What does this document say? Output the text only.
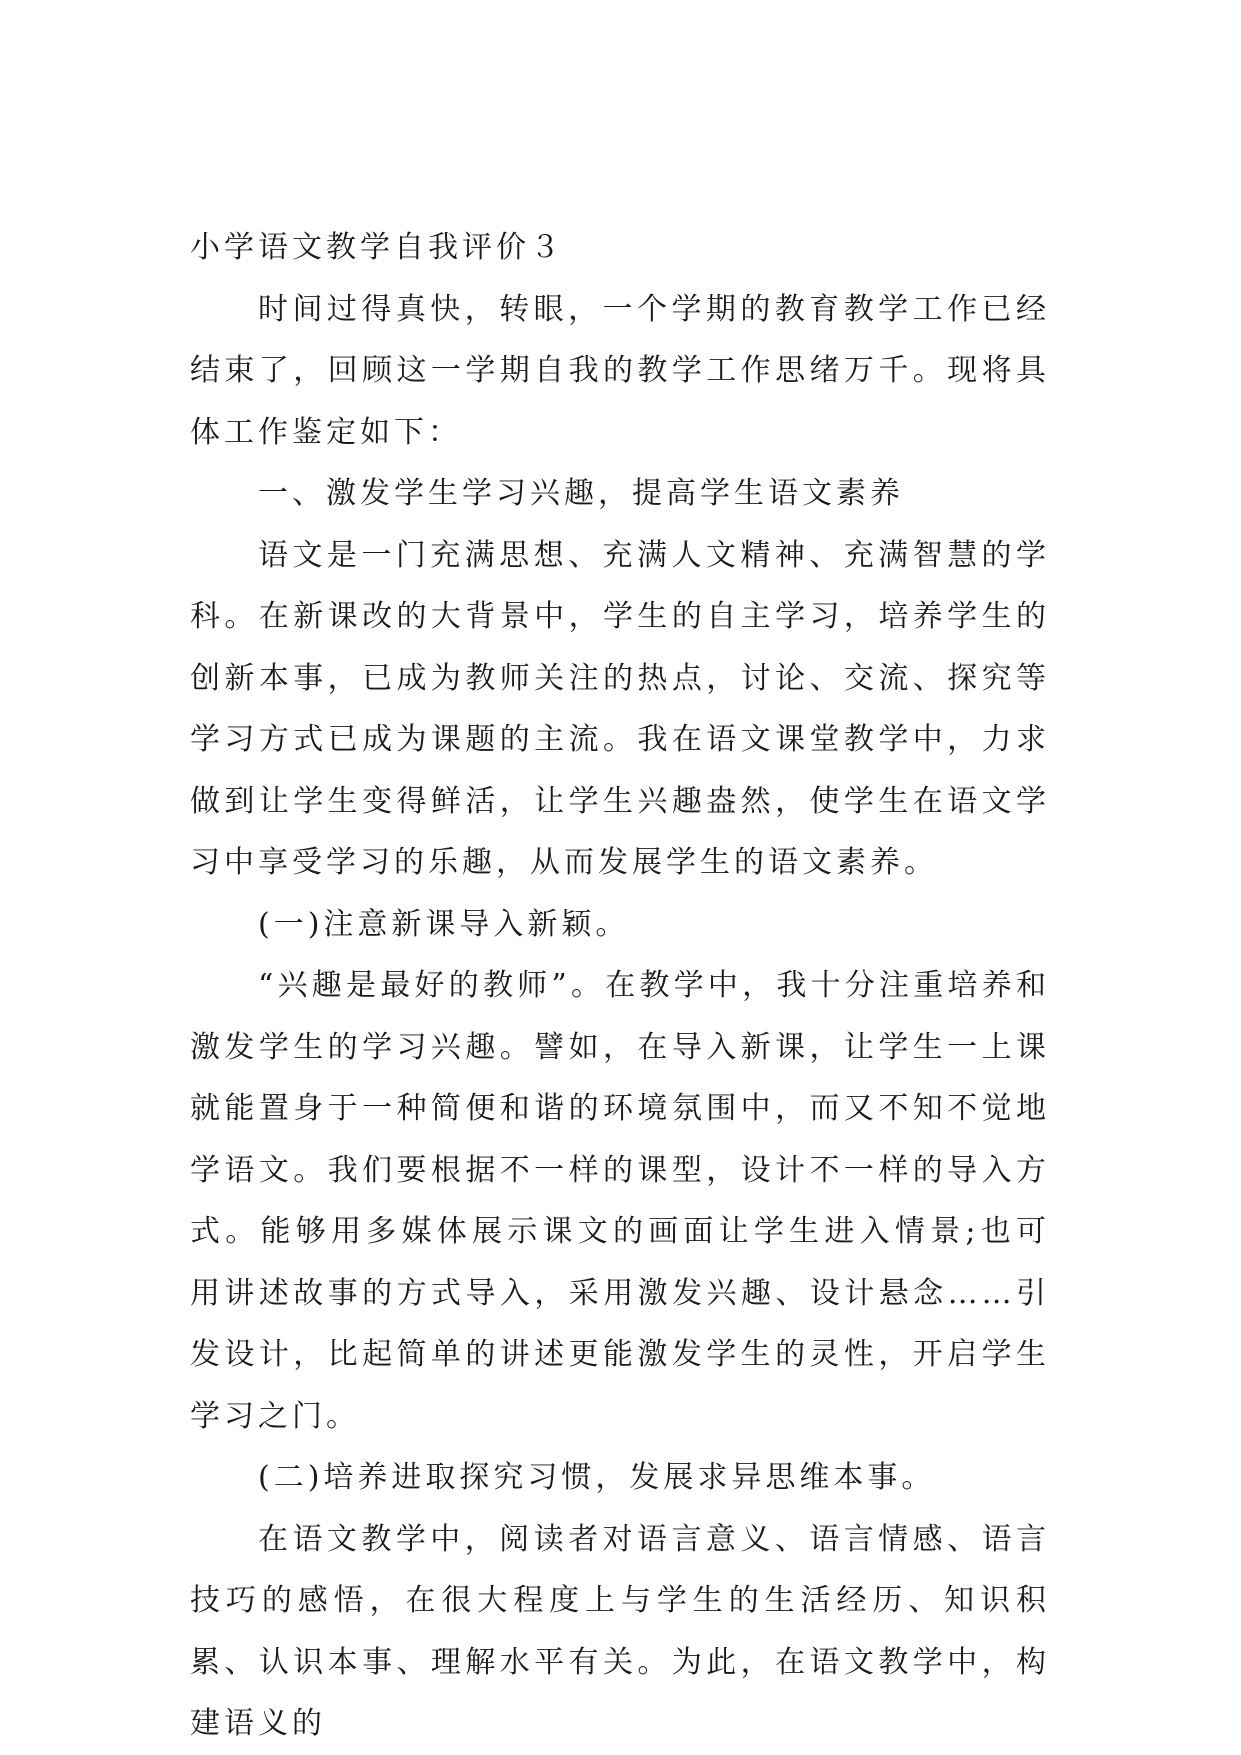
小学语文教学自我评价３

时间过得真快，转眼，一个学期的教育教学工作已经结束了，回顾这一学期自我的教学工作思绪万千。现将具体工作鉴定如下：

一、激发学生学习兴趣，提高学生语文素养

语文是一门充满思想、充满人文精神、充满智慧的学科。在新课改的大背景中，学生的自主学习，培养学生的创新本事，已成为教师关注的热点，讨论、交流、探究等学习方式已成为课题的主流。我在语文课堂教学中，力求做到让学生变得鲜活，让学生兴趣盎然，使学生在语文学习中享受学习的乐趣，从而发展学生的语文素养。

(一)注意新课导入新颖。

“兴趣是最好的教师”。在教学中，我十分注重培养和激发学生的学习兴趣。譬如，在导入新课，让学生一上课就能置身于一种简便和谐的环境氛围中，而又不知不觉地学语文。我们要根据不一样的课型，设计不一样的导入方式。能够用多媒体展示课文的画面让学生进入情景;也可用讲述故事的方式导入，采用激发兴趣、设计悬念……引发设计，比起简单的讲述更能激发学生的灵性，开启学生学习之门。

(二)培养进取探究习惯，发展求异思维本事。

在语文教学中，阅读者对语言意义、语言情感、语言技巧的感悟，在很大程度上与学生的生活经历、知识积累、认识本事、理解水平有关。为此，在语文教学中，构建语义的
